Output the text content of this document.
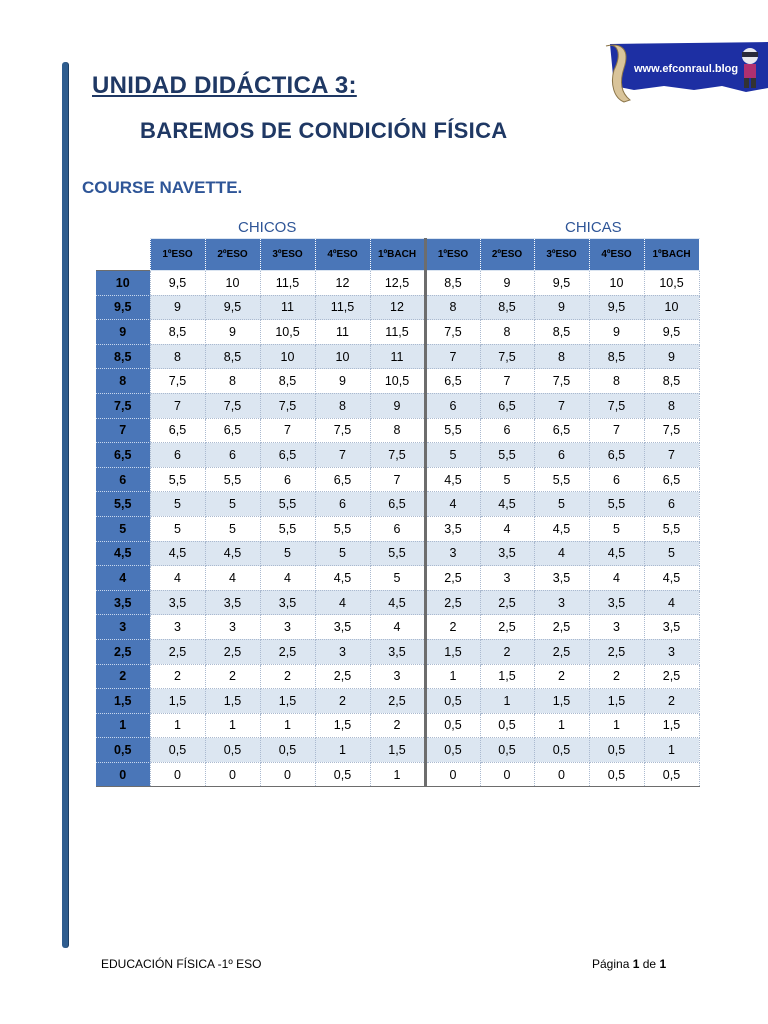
www.efconraul.blog
UNIDAD DIDÁCTICA 3:
BAREMOS DE CONDICIÓN FÍSICA
COURSE NAVETTE.
CHICOS	CHICAS
	1ºESO	2ºESO	3ºESO	4ºESO	1ºBACH	1ºESO	2ºESO	3ºESO	4ºESO	1ºBACH
10	9,5	10	11,5	12	12,5	8,5	9	9,5	10	10,5
9,5	9	9,5	11	11,5	12	8	8,5	9	9,5	10
9	8,5	9	10,5	11	11,5	7,5	8	8,5	9	9,5
8,5	8	8,5	10	10	11	7	7,5	8	8,5	9
8	7,5	8	8,5	9	10,5	6,5	7	7,5	8	8,5
7,5	7	7,5	7,5	8	9	6	6,5	7	7,5	8
7	6,5	6,5	7	7,5	8	5,5	6	6,5	7	7,5
6,5	6	6	6,5	7	7,5	5	5,5	6	6,5	7
6	5,5	5,5	6	6,5	7	4,5	5	5,5	6	6,5
5,5	5	5	5,5	6	6,5	4	4,5	5	5,5	6
5	5	5	5,5	5,5	6	3,5	4	4,5	5	5,5
4,5	4,5	4,5	5	5	5,5	3	3,5	4	4,5	5
4	4	4	4	4,5	5	2,5	3	3,5	4	4,5
3,5	3,5	3,5	3,5	4	4,5	2,5	2,5	3	3,5	4
3	3	3	3	3,5	4	2	2,5	2,5	3	3,5
2,5	2,5	2,5	2,5	3	3,5	1,5	2	2,5	2,5	3
2	2	2	2	2,5	3	1	1,5	2	2	2,5
1,5	1,5	1,5	1,5	2	2,5	0,5	1	1,5	1,5	2
1	1	1	1	1,5	2	0,5	0,5	1	1	1,5
0,5	0,5	0,5	0,5	1	1,5	0,5	0,5	0,5	0,5	1
0	0	0	0	0,5	1	0	0	0	0,5	0,5
EDUCACIÓN FÍSICA -1º ESO	Página 1 de 1
